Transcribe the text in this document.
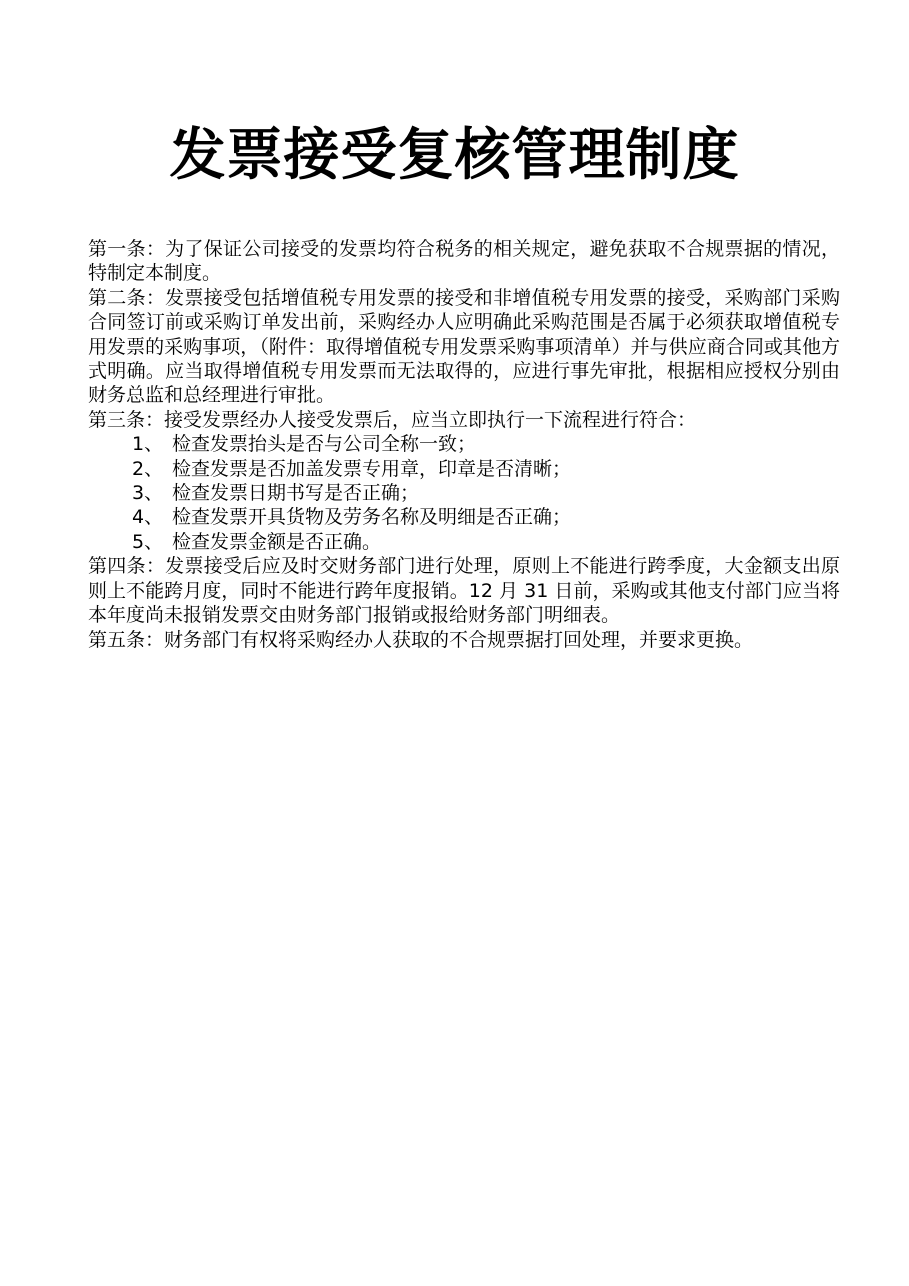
发票接受复核管理制度

第一条：为了保证公司接受的发票均符合税务的相关规定，避免获取不合规票据的情况，特制定本制度。

第二条：发票接受包括增值税专用发票的接受和非增值税专用发票的接受，采购部门采购合同签订前或采购订单发出前，采购经办人应明确此采购范围是否属于必须获取增值税专用发票的采购事项，（附件：取得增值税专用发票采购事项清单）并与供应商合同或其他方式明确。应当取得增值税专用发票而无法取得的，应进行事先审批，根据相应授权分别由财务总监和总经理进行审批。

第三条：接受发票经办人接受发票后，应当立即执行一下流程进行符合：

1、 检查发票抬头是否与公司全称一致；
2、 检查发票是否加盖发票专用章，印章是否清晰；
3、 检查发票日期书写是否正确；
4、 检查发票开具货物及劳务名称及明细是否正确；
5、 检查发票金额是否正确。

第四条：发票接受后应及时交财务部门进行处理，原则上不能进行跨季度，大金额支出原则上不能跨月度，同时不能进行跨年度报销。12 月 31 日前，采购或其他支付部门应当将本年度尚未报销发票交由财务部门报销或报给财务部门明细表。

第五条：财务部门有权将采购经办人获取的不合规票据打回处理，并要求更换。
